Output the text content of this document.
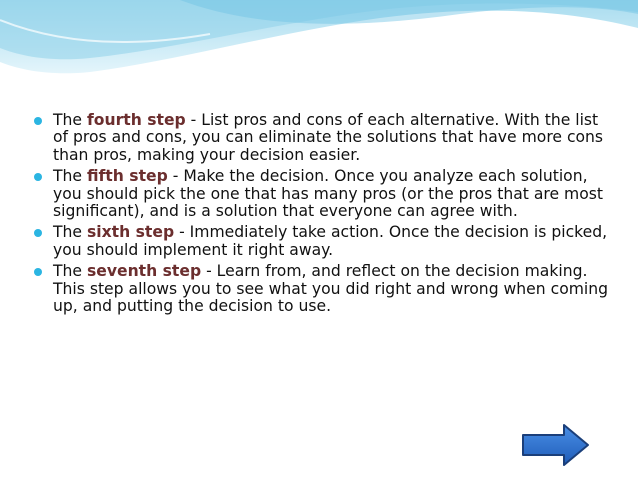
The fourth step - List pros and cons of each alternative. With the list of pros and cons, you can eliminate the solutions that have more cons than pros, making your decision easier.
The fifth step - Make the decision. Once you analyze each solution, you should pick the one that has many pros (or the pros that are most significant), and is a solution that everyone can agree with.
The sixth step - Immediately take action. Once the decision is picked, you should implement it right away.
The seventh step - Learn from, and reflect on the decision making. This step allows you to see what you did right and wrong when coming up, and putting the decision to use.
